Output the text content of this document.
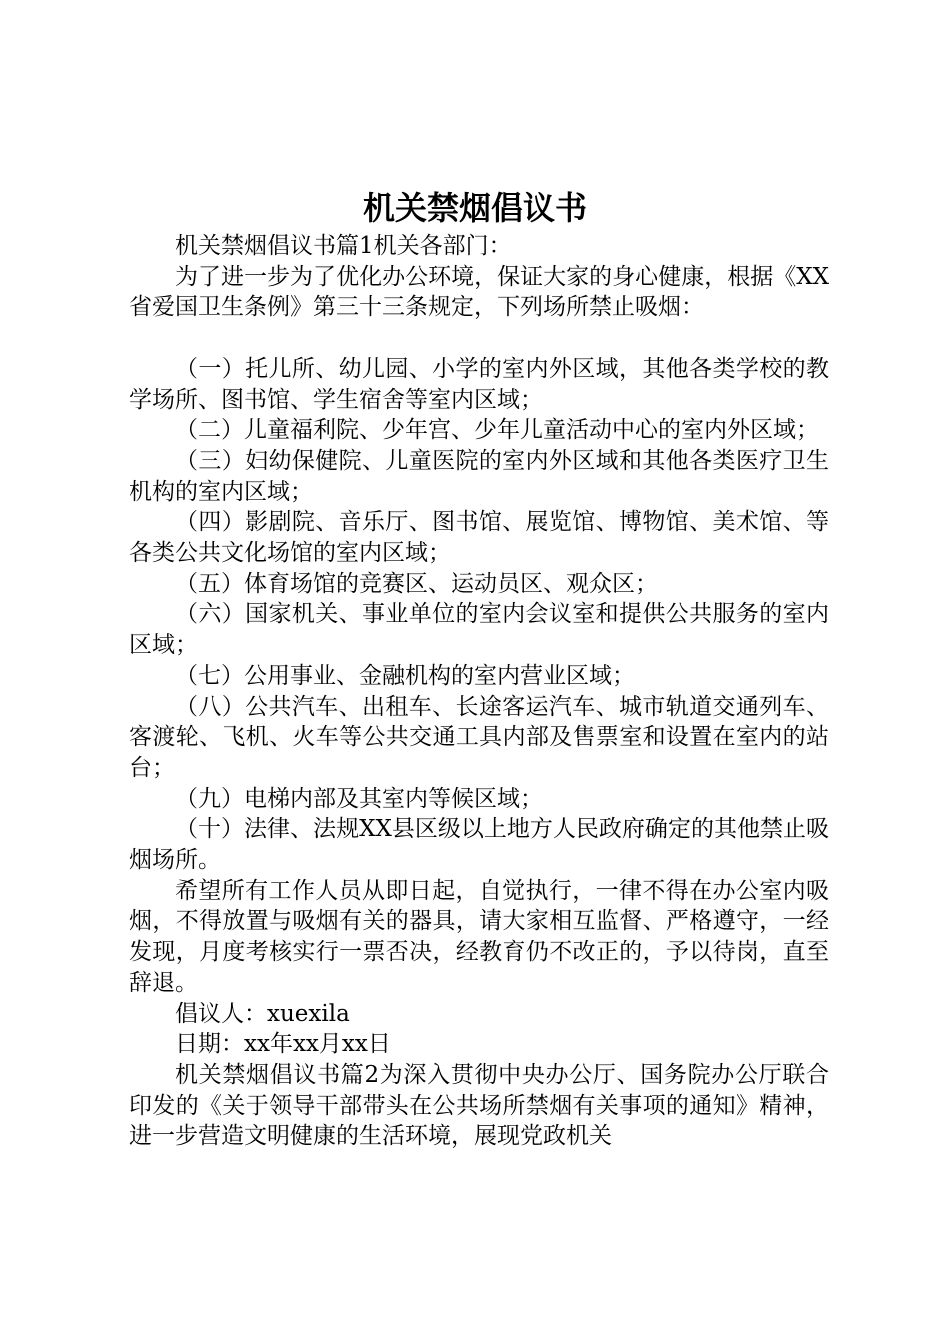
机关禁烟倡议书

机关禁烟倡议书篇1机关各部门：

为了进一步为了优化办公环境，保证大家的身心健康，根据《XX省爱国卫生条例》第三十三条规定，下列场所禁止吸烟：

（一）托儿所、幼儿园、小学的室内外区域，其他各类学校的教学场所、图书馆、学生宿舍等室内区域；

（二）儿童福利院、少年宫、少年儿童活动中心的室内外区域；

（三）妇幼保健院、儿童医院的室内外区域和其他各类医疗卫生机构的室内区域；

（四）影剧院、音乐厅、图书馆、展览馆、博物馆、美术馆、等各类公共文化场馆的室内区域；

（五）体育场馆的竞赛区、运动员区、观众区；

（六）国家机关、事业单位的室内会议室和提供公共服务的室内区域；

（七）公用事业、金融机构的室内营业区域；

（八）公共汽车、出租车、长途客运汽车、城市轨道交通列车、客渡轮、飞机、火车等公共交通工具内部及售票室和设置在室内的站台；

（九）电梯内部及其室内等候区域；

（十）法律、法规XX县区级以上地方人民政府确定的其他禁止吸烟场所。

希望所有工作人员从即日起，自觉执行，一律不得在办公室内吸烟，不得放置与吸烟有关的器具，请大家相互监督、严格遵守，一经发现，月度考核实行一票否决，经教育仍不改正的，予以待岗，直至辞退。

倡议人：xuexila

日期：xx年xx月xx日

机关禁烟倡议书篇2为深入贯彻中央办公厅、国务院办公厅联合印发的《关于领导干部带头在公共场所禁烟有关事项的通知》精神，进一步营造文明健康的生活环境，展现党政机关
